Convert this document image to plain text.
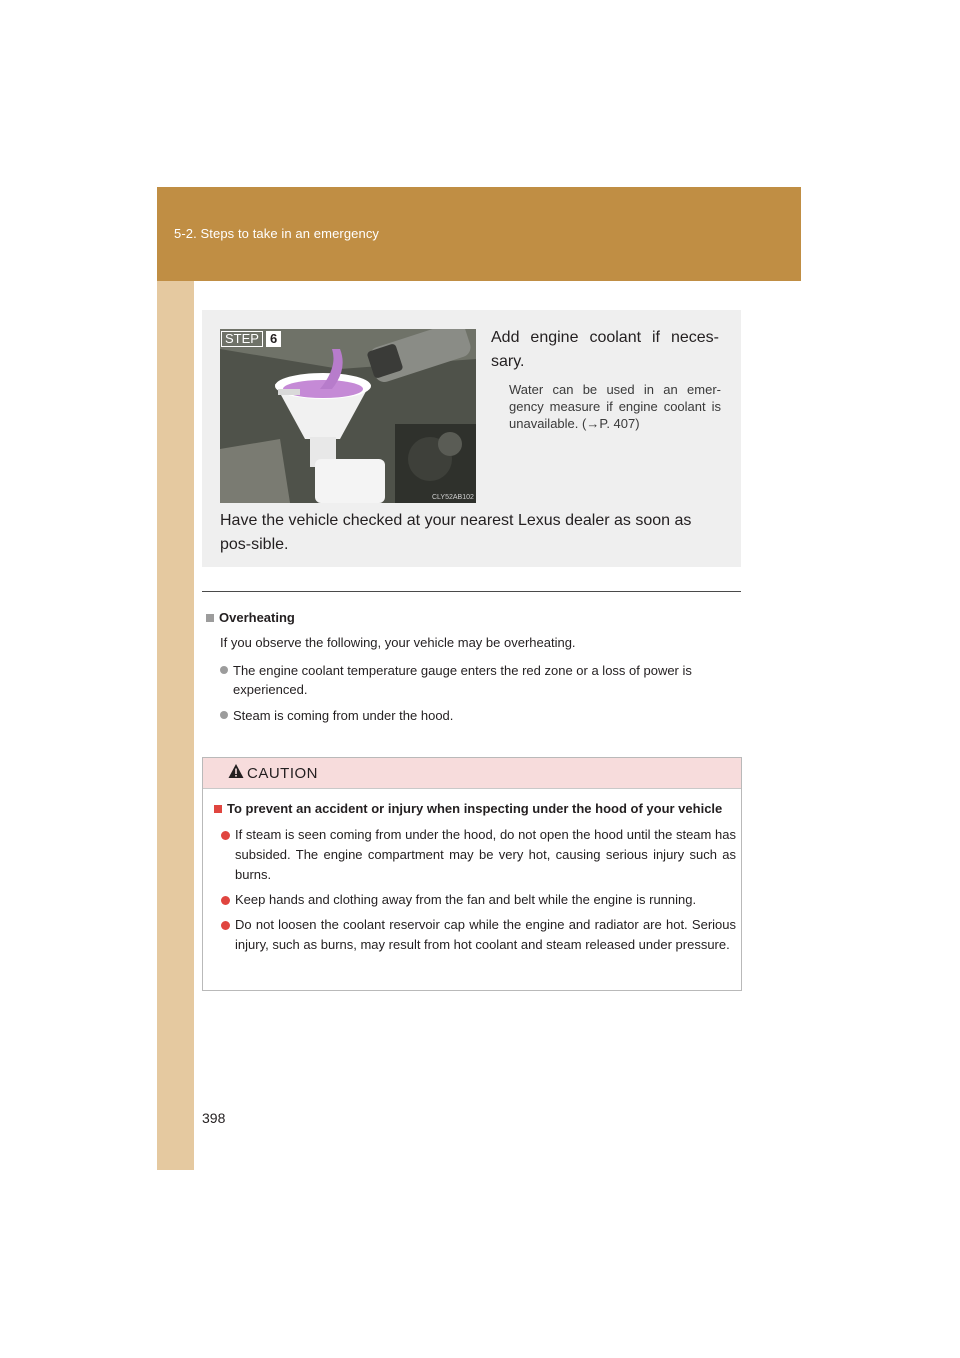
5-2. Steps to take in an emergency
STEP 6
CLY52AB102
Add engine coolant if neces-sary.
Water can be used in an emer-gency measure if engine coolant is unavailable. (→P. 407)
Have the vehicle checked at your nearest Lexus dealer as soon as pos-sible.
Overheating
If you observe the following, your vehicle may be overheating.
The engine coolant temperature gauge enters the red zone or a loss of power is experienced.
Steam is coming from under the hood.
CAUTION
To prevent an accident or injury when inspecting under the hood of your vehicle
If steam is seen coming from under the hood, do not open the hood until the steam has subsided. The engine compartment may be very hot, causing serious injury such as burns.
Keep hands and clothing away from the fan and belt while the engine is running.
Do not loosen the coolant reservoir cap while the engine and radiator are hot. Serious injury, such as burns, may result from hot coolant and steam released under pressure.
398
